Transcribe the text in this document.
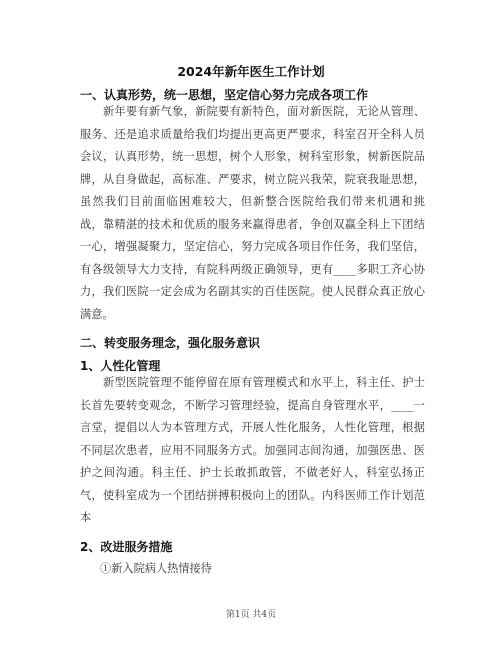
2024年新年医生工作计划
一、认真形势，统一思想，坚定信心努力完成各项工作
　　新年要有新气象，新院要有新特色，面对新医院，无论从管理、
服务、还是追求质量给我们均提出更高更严要求，科室召开全科人员
会议，认真形势，统一思想，树个人形象，树科室形象，树新医院品
牌，从自身做起，高标准、严要求，树立院兴我荣，院衰我耻思想，
虽然我们目前面临困难较大，但新整合医院给我们带来机遇和挑
战，靠精湛的技术和优质的服务来赢得患者，争创双赢全科上下团结
一心，增强凝聚力，坚定信心，努力完成各项目作任务，我们坚信，
有各级领导大力支持，有院科两级正确领导，更有____多职工齐心协
力，我们医院一定会成为名副其实的百佳医院。使人民群众真正放心
满意。
二、转变服务理念，强化服务意识
1、人性化管理
　　新型医院管理不能停留在原有管理模式和水平上，科主任、护士
长首先要转变观念，不断学习管理经验，提高自身管理水平，____一
言堂，提倡以人为本管理方式，开展人性化服务，人性化管理，根据
不同层次患者，应用不同服务方式。加强同志间沟通，加强医患、医
护之间沟通。科主任、护士长敢抓敢管，不做老好人，科室弘扬正
气，使科室成为一个团结拼搏积极向上的团队。内科医师工作计划范
本
2、改进服务措施
①新入院病人热情接待
第1页 共4页
